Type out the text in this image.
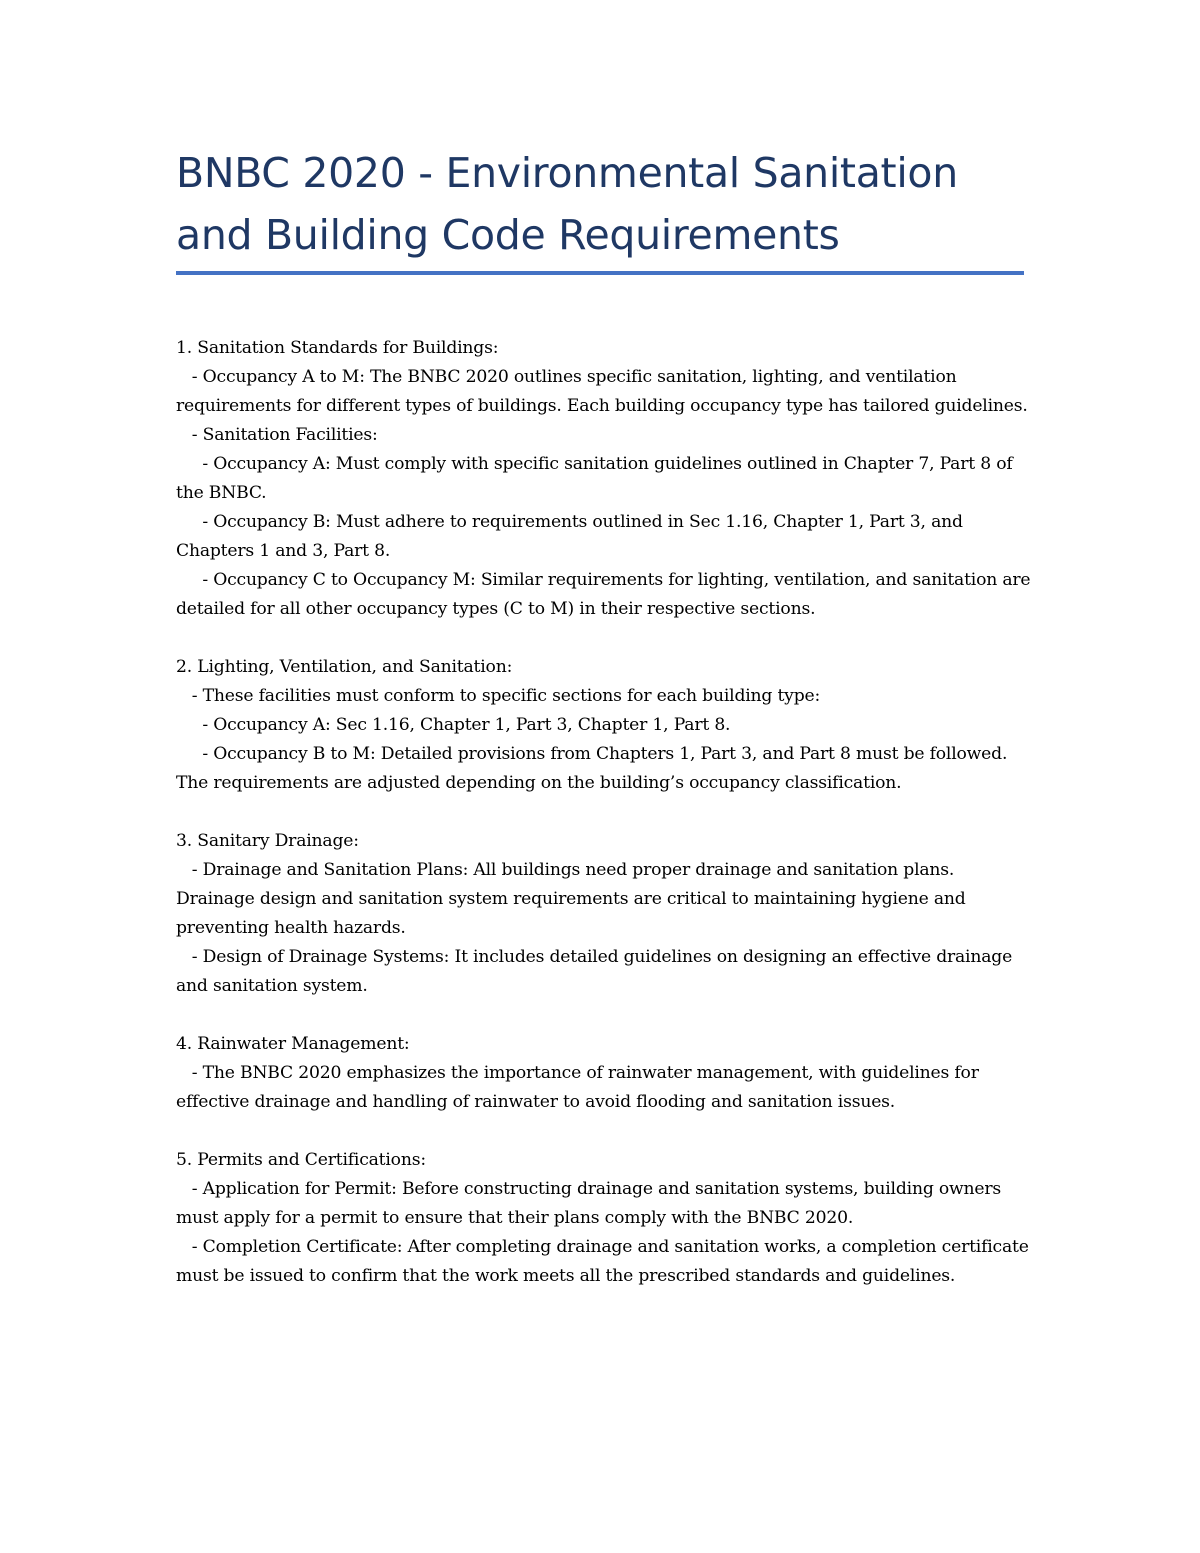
BNBC 2020 - Environmental Sanitation and Building Code Requirements

1. Sanitation Standards for Buildings:

- Occupancy A to M: The BNBC 2020 outlines specific sanitation, lighting, and ventilation requirements for different types of buildings. Each building occupancy type has tailored guidelines.

- Sanitation Facilities:

- Occupancy A: Must comply with specific sanitation guidelines outlined in Chapter 7, Part 8 of the BNBC.

- Occupancy B: Must adhere to requirements outlined in Sec 1.16, Chapter 1, Part 3, and Chapters 1 and 3, Part 8.

- Occupancy C to Occupancy M: Similar requirements for lighting, ventilation, and sanitation are detailed for all other occupancy types (C to M) in their respective sections.

2. Lighting, Ventilation, and Sanitation:

- These facilities must conform to specific sections for each building type:

- Occupancy A: Sec 1.16, Chapter 1, Part 3, Chapter 1, Part 8.

- Occupancy B to M: Detailed provisions from Chapters 1, Part 3, and Part 8 must be followed. The requirements are adjusted depending on the building’s occupancy classification.

3. Sanitary Drainage:

- Drainage and Sanitation Plans: All buildings need proper drainage and sanitation plans. Drainage design and sanitation system requirements are critical to maintaining hygiene and preventing health hazards.

- Design of Drainage Systems: It includes detailed guidelines on designing an effective drainage and sanitation system.

4. Rainwater Management:

- The BNBC 2020 emphasizes the importance of rainwater management, with guidelines for effective drainage and handling of rainwater to avoid flooding and sanitation issues.

5. Permits and Certifications:

- Application for Permit: Before constructing drainage and sanitation systems, building owners must apply for a permit to ensure that their plans comply with the BNBC 2020.

- Completion Certificate: After completing drainage and sanitation works, a completion certificate must be issued to confirm that the work meets all the prescribed standards and guidelines.
